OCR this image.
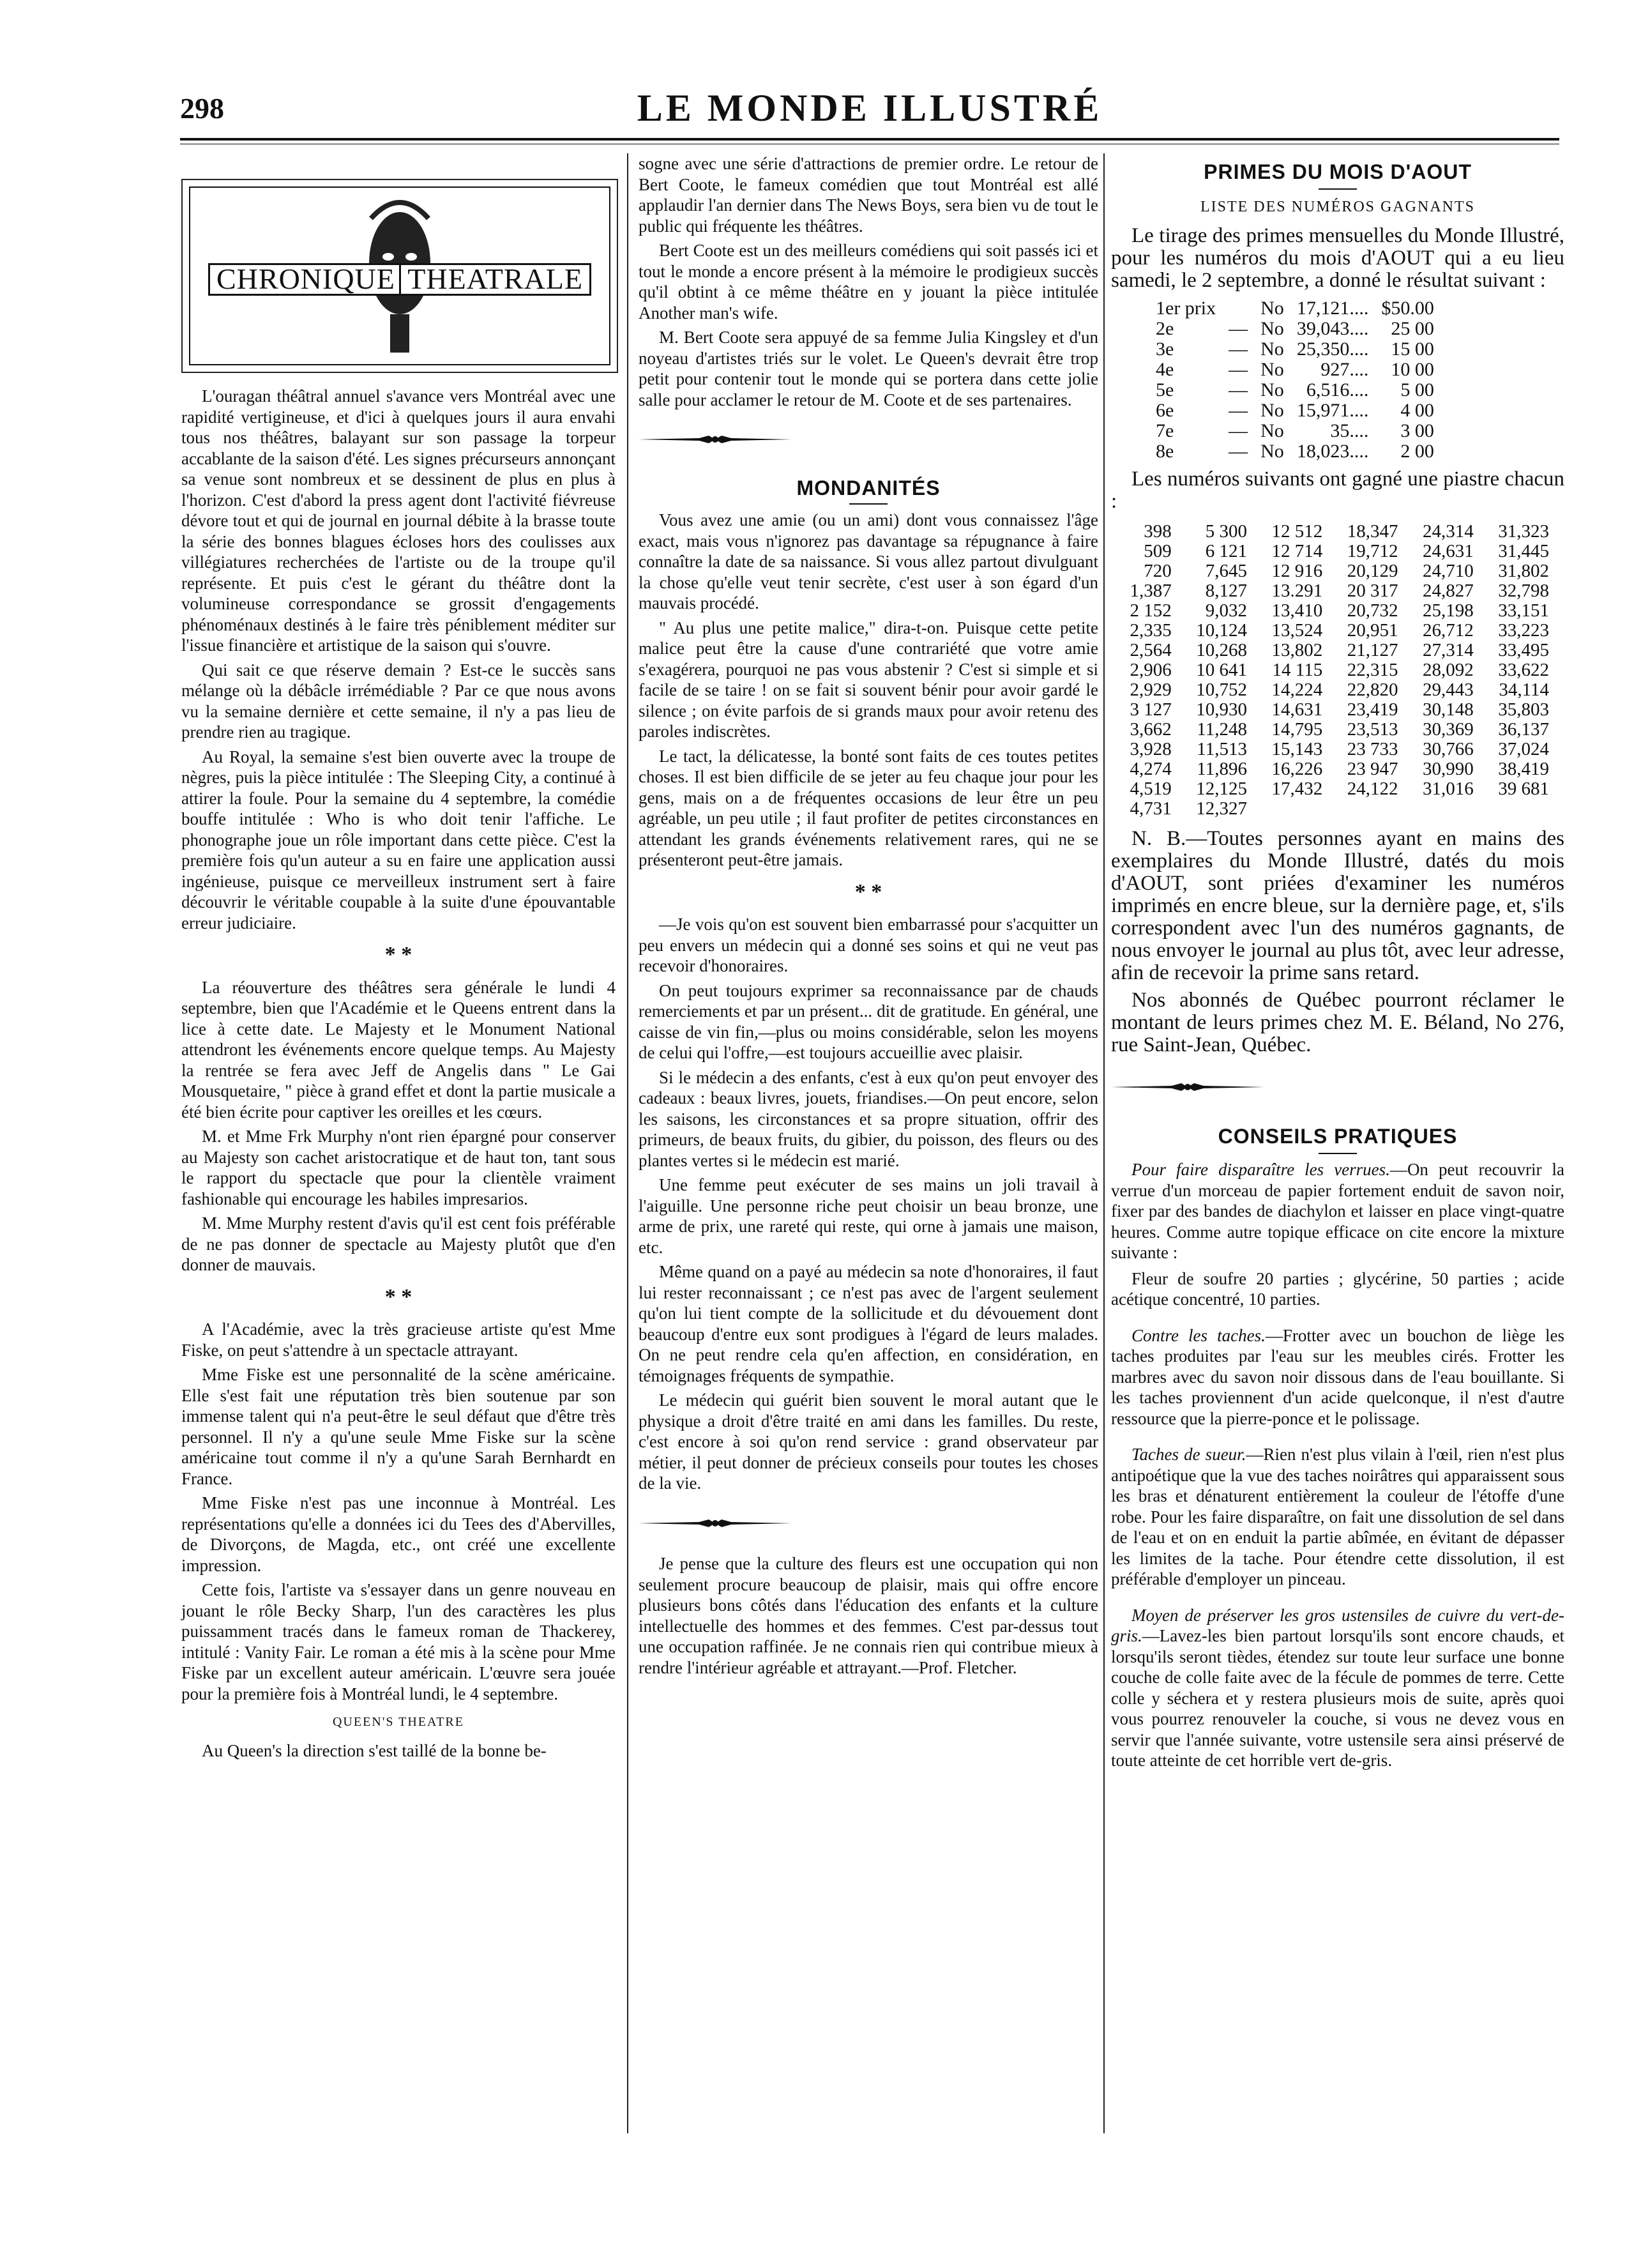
298	LE MONDE ILLUSTRÉ
CHRONIQUE THEATRALE

L'ouragan théâtral annuel s'avance vers Montréal avec une rapidité vertigineuse, et d'ici à quelques jours il aura envahi tous nos théâtres, balayant sur son passage la torpeur accablante de la saison d'été. Les signes précurseurs annonçant sa venue sont nombreux et se dessinent de plus en plus à l'horizon. C'est d'abord la press agent dont l'activité fiévreuse dévore tout et qui de journal en journal débite à la brasse toute la série des bonnes blagues écloses hors des coulisses aux villégiatures recherchées de l'artiste ou de la troupe qu'il représente. Et puis c'est le gérant du théâtre dont la volumineuse correspondance se grossit d'engagements phénoménaux destinés à le faire très péniblement méditer sur l'issue financière et artistique de la saison qui s'ouvre.

Qui sait ce que réserve demain ? Est-ce le succès sans mélange où la débâcle irrémédiable ? Par ce que nous avons vu la semaine dernière et cette semaine, il n'y a pas lieu de prendre rien au tragique.

Au Royal, la semaine s'est bien ouverte avec la troupe de nègres, puis la pièce intitulée : The Sleeping City, a continué à attirer la foule. Pour la semaine du 4 septembre, la comédie bouffe intitulée : Who is who doit tenir l'affiche. Le phonographe joue un rôle important dans cette pièce. C'est la première fois qu'un auteur a su en faire une application aussi ingénieuse, puisque ce merveilleux instrument sert à faire découvrir le véritable coupable à la suite d'une épouvantable erreur judiciaire.

* *

La réouverture des théâtres sera générale le lundi 4 septembre, bien que l'Académie et le Queens entrent dans la lice à cette date. Le Majesty et le Monument National attendront les événements encore quelque temps. Au Majesty la rentrée se fera avec Jeff de Angelis dans " Le Gai Mousquetaire, " pièce à grand effet et dont la partie musicale a été bien écrite pour captiver les oreilles et les cœurs.

M. et Mme Frk Murphy n'ont rien épargné pour conserver au Majesty son cachet aristocratique et de haut ton, tant sous le rapport du spectacle que pour la clientèle vraiment fashionable qui encourage les habiles impresarios.

M. Mme Murphy restent d'avis qu'il est cent fois préférable de ne pas donner de spectacle au Majesty plutôt que d'en donner de mauvais.

* *

A l'Académie, avec la très gracieuse artiste qu'est Mme Fiske, on peut s'attendre à un spectacle attrayant.

Mme Fiske est une personnalité de la scène américaine. Elle s'est fait une réputation très bien soutenue par son immense talent qui n'a peut-être le seul défaut que d'être très personnel. Il n'y a qu'une seule Mme Fiske sur la scène américaine tout comme il n'y a qu'une Sarah Bernhardt en France.

Mme Fiske n'est pas une inconnue à Montréal. Les représentations qu'elle a données ici du Tees des d'Abervilles, de Divorçons, de Magda, etc., ont créé une excellente impression.

Cette fois, l'artiste va s'essayer dans un genre nouveau en jouant le rôle Becky Sharp, l'un des caractères les plus puissamment tracés dans le fameux roman de Thackerey, intitulé : Vanity Fair. Le roman a été mis à la scène pour Mme Fiske par un excellent auteur américain. L'œuvre sera jouée pour la première fois à Montréal lundi, le 4 septembre.

QUEEN'S THEATRE

Au Queen's la direction s'est taillé de la bonne be-

sogne avec une série d'attractions de premier ordre. Le retour de Bert Coote, le fameux comédien que tout Montréal est allé applaudir l'an dernier dans The News Boys, sera bien vu de tout le public qui fréquente les théâtres.

Bert Coote est un des meilleurs comédiens qui soit passés ici et tout le monde a encore présent à la mémoire le prodigieux succès qu'il obtint à ce même théâtre en y jouant la pièce intitulée Another man's wife.

M. Bert Coote sera appuyé de sa femme Julia Kingsley et d'un noyeau d'artistes triés sur le volet. Le Queen's devrait être trop petit pour contenir tout le monde qui se portera dans cette jolie salle pour acclamer le retour de M. Coote et de ses partenaires.

MONDANITÉS

Vous avez une amie (ou un ami) dont vous connaissez l'âge exact, mais vous n'ignorez pas davantage sa répugnance à faire connaître la date de sa naissance. Si vous allez partout divulguant la chose qu'elle veut tenir secrète, c'est user à son égard d'un mauvais procédé.

" Au plus une petite malice," dira-t-on. Puisque cette petite malice peut être la cause d'une contrariété que votre amie s'exagérera, pourquoi ne pas vous abstenir ? C'est si simple et si facile de se taire ! on se fait si souvent bénir pour avoir gardé le silence ; on évite parfois de si grands maux pour avoir retenu des paroles indiscrètes.

Le tact, la délicatesse, la bonté sont faits de ces toutes petites choses. Il est bien difficile de se jeter au feu chaque jour pour les gens, mais on a de fréquentes occasions de leur être un peu agréable, un peu utile ; il faut profiter de petites circonstances en attendant les grands événements relativement rares, qui ne se présenteront peut-être jamais.

* *

—Je vois qu'on est souvent bien embarrassé pour s'acquitter un peu envers un médecin qui a donné ses soins et qui ne veut pas recevoir d'honoraires.

On peut toujours exprimer sa reconnaissance par de chauds remerciements et par un présent... dit de gratitude. En général, une caisse de vin fin,—plus ou moins considérable, selon les moyens de celui qui l'offre,—est toujours accueillie avec plaisir.

Si le médecin a des enfants, c'est à eux qu'on peut envoyer des cadeaux : beaux livres, jouets, friandises.—On peut encore, selon les saisons, les circonstances et sa propre situation, offrir des primeurs, de beaux fruits, du gibier, du poisson, des fleurs ou des plantes vertes si le médecin est marié.

Une femme peut exécuter de ses mains un joli travail à l'aiguille. Une personne riche peut choisir un beau bronze, une arme de prix, une rareté qui reste, qui orne à jamais une maison, etc.

Même quand on a payé au médecin sa note d'honoraires, il faut lui rester reconnaissant ; ce n'est pas avec de l'argent seulement qu'on lui tient compte de la sollicitude et du dévouement dont beaucoup d'entre eux sont prodigues à l'égard de leurs malades. On ne peut rendre cela qu'en affection, en considération, en témoignages fréquents de sympathie.

Le médecin qui guérit bien souvent le moral autant que le physique a droit d'être traité en ami dans les familles. Du reste, c'est encore à soi qu'on rend service : grand observateur par métier, il peut donner de précieux conseils pour toutes les choses de la vie.

Je pense que la culture des fleurs est une occupation qui non seulement procure beaucoup de plaisir, mais qui offre encore plusieurs bons côtés dans l'éducation des enfants et la culture intellectuelle des hommes et des femmes. C'est par-dessus tout une occupation raffinée. Je ne connais rien qui contribue mieux à rendre l'intérieur agréable et attrayant.—Prof. Fletcher.

PRIMES DU MOIS D'AOUT
LISTE DES NUMÉROS GAGNANTS

Le tirage des primes mensuelles du Monde Illustré, pour les numéros du mois d'AOUT qui a eu lieu samedi, le 2 septembre, a donné le résultat suivant :

1er prix		No	17,121....	$50.00
2e	—	No	39,043....	25 00
3e	—	No	25,350....	15 00
4e	—	No	927....	10 00
5e	—	No	6,516....	5 00
6e	—	No	15,971....	4 00
7e	—	No	35....	3 00
8e	—	No	18,023....	2 00

Les numéros suivants ont gagné une piastre chacun :

398	5 300	12 512	18,347	24,314	31,323
509	6 121	12 714	19,712	24,631	31,445
720	7,645	12 916	20,129	24,710	31,802
1,387	8,127	13.291	20 317	24,827	32,798
2 152	9,032	13,410	20,732	25,198	33,151
2,335	10,124	13,524	20,951	26,712	33,223
2,564	10,268	13,802	21,127	27,314	33,495
2,906	10 641	14 115	22,315	28,092	33,622
2,929	10,752	14,224	22,820	29,443	34,114
3 127	10,930	14,631	23,419	30,148	35,803
3,662	11,248	14,795	23,513	30,369	36,137
3,928	11,513	15,143	23 733	30,766	37,024
4,274	11,896	16,226	23 947	30,990	38,419
4,519	12,125	17,432	24,122	31,016	39 681
4,731	12,327				

N. B.—Toutes personnes ayant en mains des exemplaires du Monde Illustré, datés du mois d'AOUT, sont priées d'examiner les numéros imprimés en encre bleue, sur la dernière page, et, s'ils correspondent avec l'un des numéros gagnants, de nous envoyer le journal au plus tôt, avec leur adresse, afin de recevoir la prime sans retard.

Nos abonnés de Québec pourront réclamer le montant de leurs primes chez M. E. Béland, No 276, rue Saint-Jean, Québec.

CONSEILS PRATIQUES

Pour faire disparaître les verrues.—On peut recouvrir la verrue d'un morceau de papier fortement enduit de savon noir, fixer par des bandes de diachylon et laisser en place vingt-quatre heures. Comme autre topique efficace on cite encore la mixture suivante :

Fleur de soufre 20 parties ; glycérine, 50 parties ; acide acétique concentré, 10 parties.

Contre les taches.—Frotter avec un bouchon de liège les taches produites par l'eau sur les meubles cirés. Frotter les marbres avec du savon noir dissous dans de l'eau bouillante. Si les taches proviennent d'un acide quelconque, il n'est d'autre ressource que la pierre-ponce et le polissage.

Taches de sueur.—Rien n'est plus vilain à l'œil, rien n'est plus antipoétique que la vue des taches noirâtres qui apparaissent sous les bras et dénaturent entièrement la couleur de l'étoffe d'une robe. Pour les faire disparaître, on fait une dissolution de sel dans de l'eau et on en enduit la partie abîmée, en évitant de dépasser les limites de la tache. Pour étendre cette dissolution, il est préférable d'employer un pinceau.

Moyen de préserver les gros ustensiles de cuivre du vert-de-gris.—Lavez-les bien partout lorsqu'ils sont encore chauds, et lorsqu'ils seront tièdes, étendez sur toute leur surface une bonne couche de colle faite avec de la fécule de pommes de terre. Cette colle y séchera et y restera plusieurs mois de suite, après quoi vous pourrez renouveler la couche, si vous ne devez vous en servir que l'année suivante, votre ustensile sera ainsi préservé de toute atteinte de cet horrible vert de-gris.
